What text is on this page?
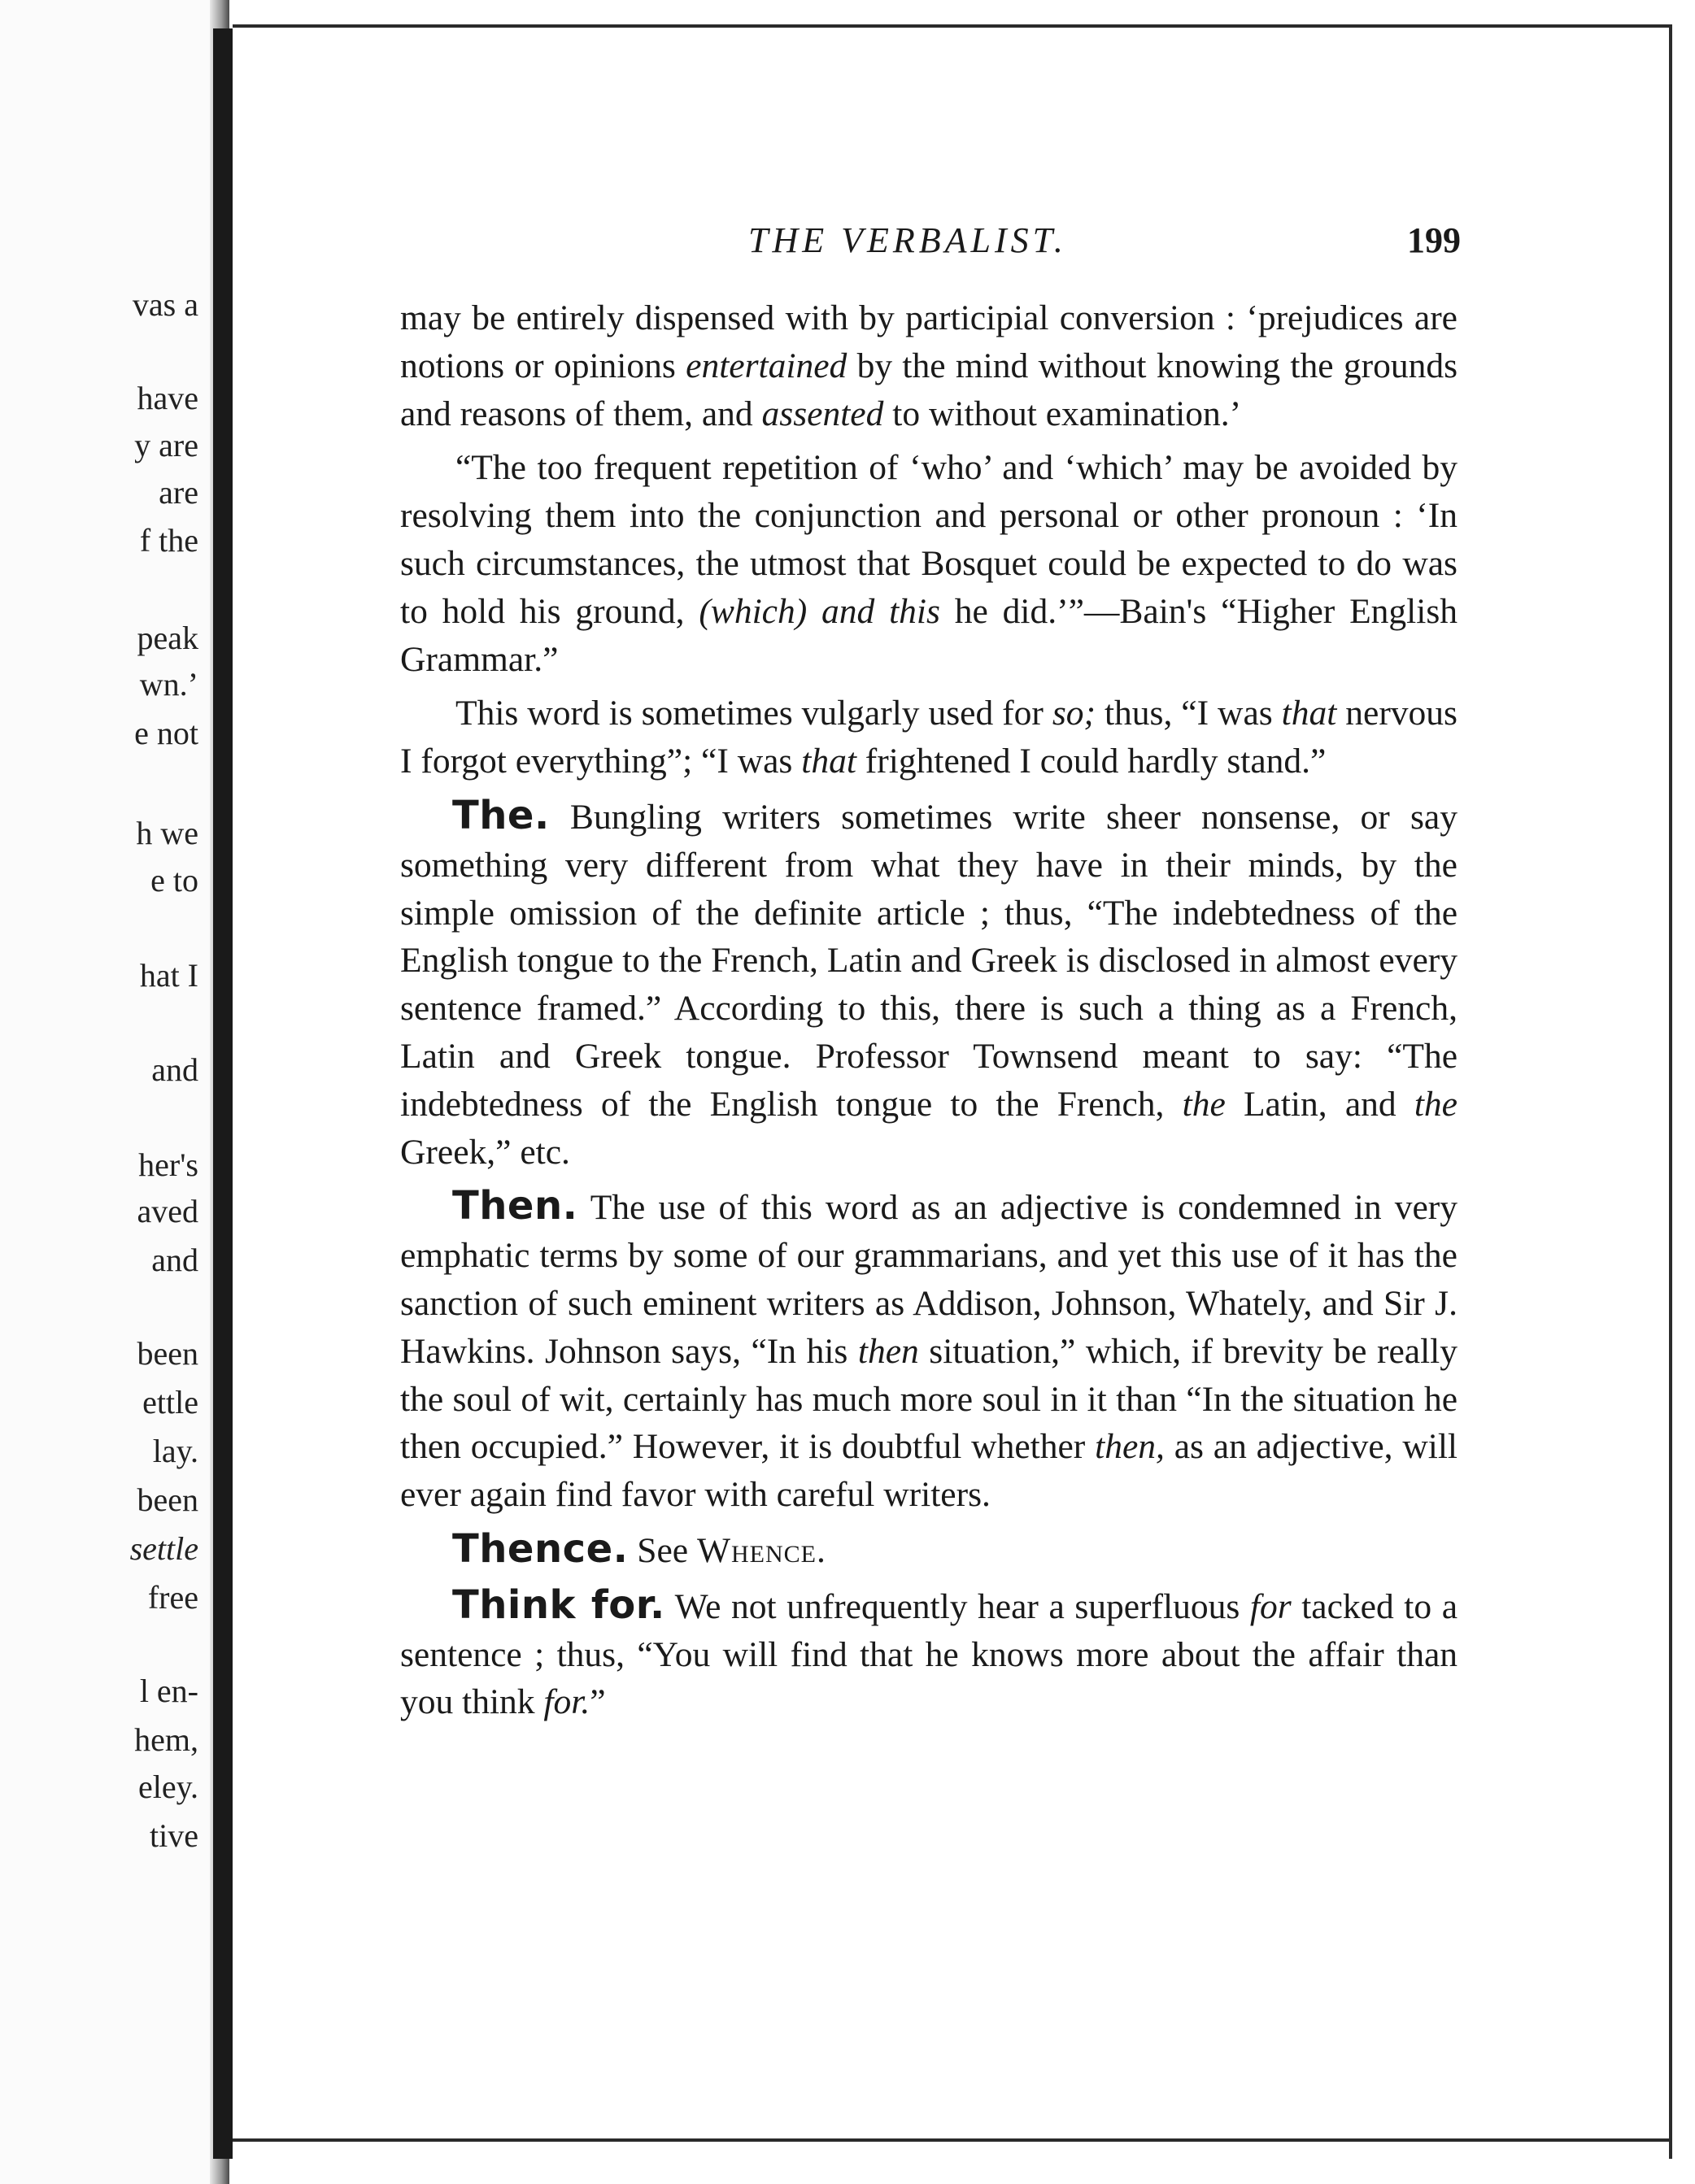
vas a
have
y are
are
f the
peak
wn.’
e not
h we
e to
hat I
and
her's
aved
and
been
ettle
lay.
been
settle
free
l en-
hem,
eley.
tive
THE VERBALIST.	199

may be entirely dispensed with by participial conversion : ‘prejudices are notions or opinions entertained by the mind without knowing the grounds and reasons of them, and assented to without examination.’

“The too frequent repetition of ‘who’ and ‘which’ may be avoided by resolving them into the conjunction and personal or other pronoun : ‘In such circumstances, the utmost that Bosquet could be expected to do was to hold his ground, (which) and this he did.’”—Bain's “Higher English Grammar.”

This word is sometimes vulgarly used for so; thus, “I was that nervous I forgot everything”; “I was that frightened I could hardly stand.”

The. Bungling writers sometimes write sheer nonsense, or say something very different from what they have in their minds, by the simple omission of the definite article ; thus, “The indebtedness of the English tongue to the French, Latin and Greek is disclosed in almost every sentence framed.” According to this, there is such a thing as a French, Latin and Greek tongue. Professor Townsend meant to say: “The indebtedness of the English tongue to the French, the Latin, and the Greek,” etc.

Then. The use of this word as an adjective is condemned in very emphatic terms by some of our grammarians, and yet this use of it has the sanction of such eminent writers as Addison, Johnson, Whately, and Sir J. Hawkins. Johnson says, “In his then situation,” which, if brevity be really the soul of wit, certainly has much more soul in it than “In the situation he then occupied.” However, it is doubtful whether then, as an adjective, will ever again find favor with careful writers.

Thence. See Whence.

Think for. We not unfrequently hear a superfluous for tacked to a sentence ; thus, “You will find that he knows more about the affair than you think for.”
